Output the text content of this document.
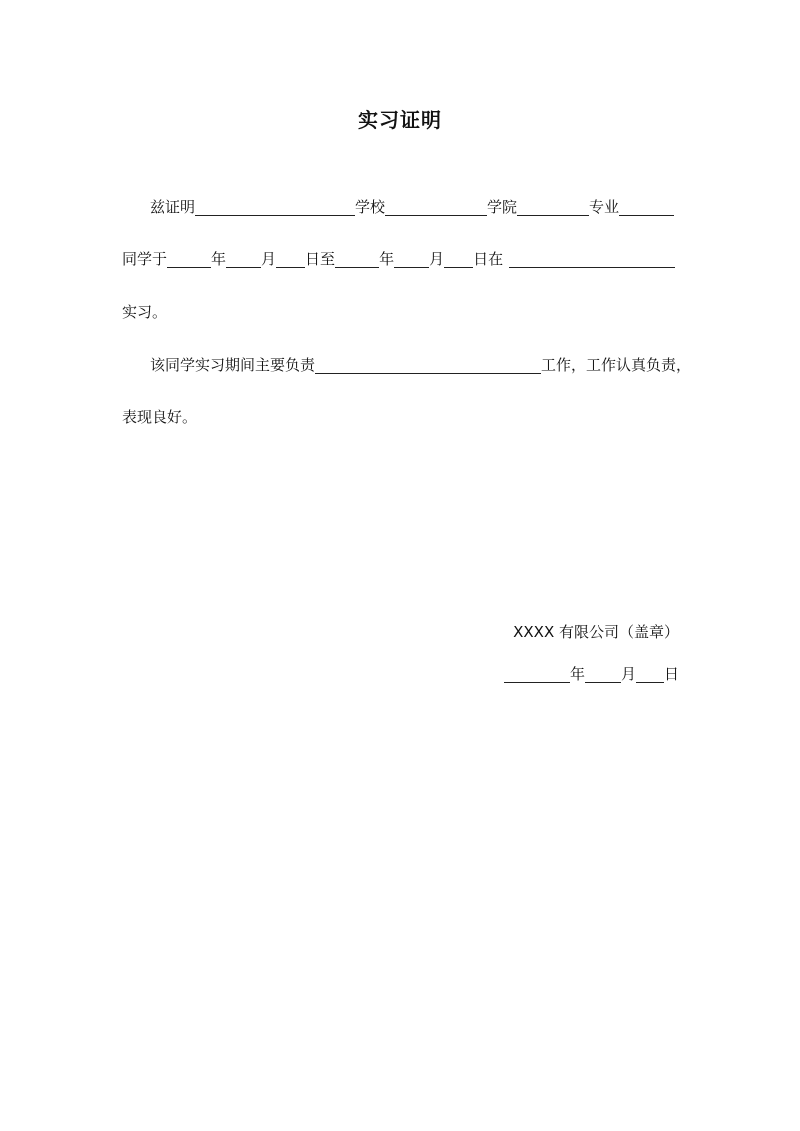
实习证明
兹证明	学校	学院	专业
同学于	年 月 日至	年 月 日在
实习。
该同学实习期间主要负责	工作，工作认真负责，
表现良好。
XXXX 有限公司（盖章）
年 月 日
